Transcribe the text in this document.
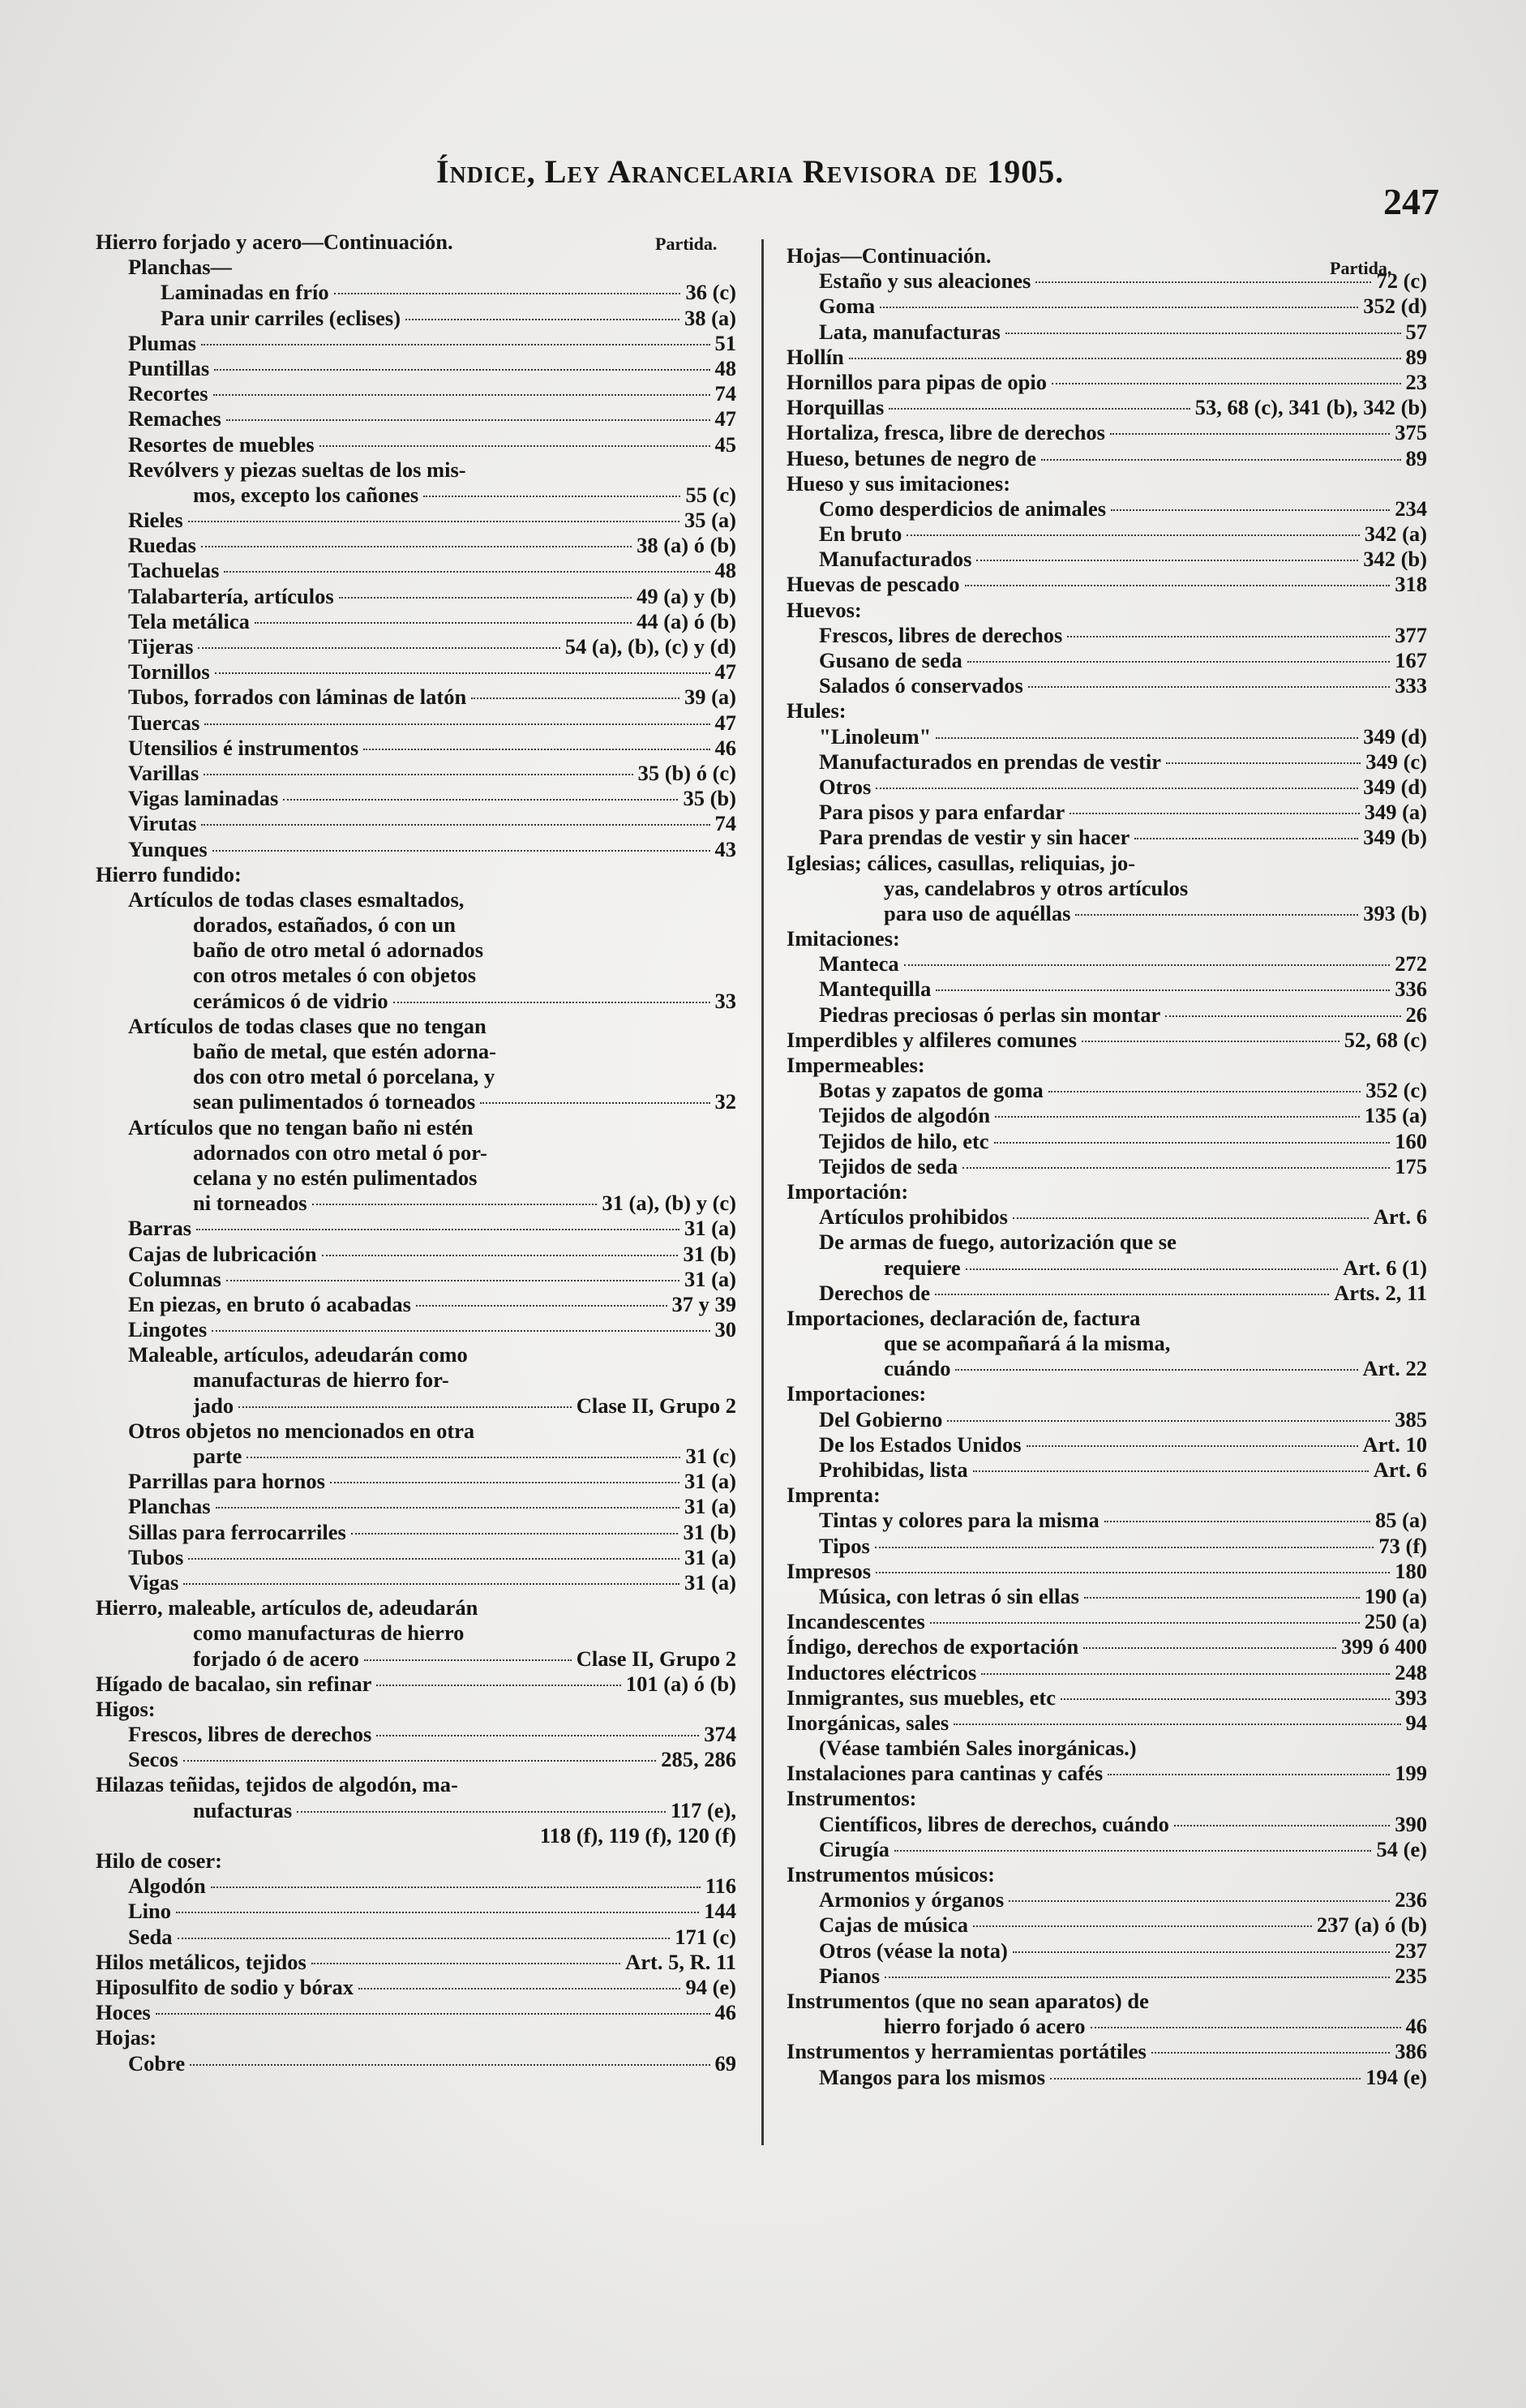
Índice, Ley Arancelaria Revisora de 1905.
247
Partida.
Partida.
Hierro forjado y acero—Continuación.
Planchas—
Laminadas en frío	36 (c)
Para unir carriles (eclises)	38 (a)
Plumas	51
Puntillas	48
Recortes	74
Remaches	47
Resortes de muebles	45
Revólvers y piezas sueltas de los mis-
mos, excepto los cañones	55 (c)
Rieles	35 (a)
Ruedas	38 (a) ó (b)
Tachuelas	48
Talabartería, artículos	49 (a) y (b)
Tela metálica	44 (a) ó (b)
Tijeras	54 (a), (b), (c) y (d)
Tornillos	47
Tubos, forrados con láminas de latón	39 (a)
Tuercas	47
Utensilios é instrumentos	46
Varillas	35 (b) ó (c)
Vigas laminadas	35 (b)
Virutas	74
Yunques	43
Hierro fundido:
Artículos de todas clases esmaltados,
dorados, estañados, ó con un
baño de otro metal ó adornados
con otros metales ó con objetos
cerámicos ó de vidrio	33
Artículos de todas clases que no tengan
baño de metal, que estén adorna-
dos con otro metal ó porcelana, y
sean pulimentados ó torneados	32
Artículos que no tengan baño ni estén
adornados con otro metal ó por-
celana y no estén pulimentados
ni torneados	31 (a), (b) y (c)
Barras	31 (a)
Cajas de lubricación	31 (b)
Columnas	31 (a)
En piezas, en bruto ó acabadas	37 y 39
Lingotes	30
Maleable, artículos, adeudarán como
manufacturas de hierro for-
jado	Clase II, Grupo 2
Otros objetos no mencionados en otra
parte	31 (c)
Parrillas para hornos	31 (a)
Planchas	31 (a)
Sillas para ferrocarriles	31 (b)
Tubos	31 (a)
Vigas	31 (a)
Hierro, maleable, artículos de, adeudarán
como manufacturas de hierro
forjado ó de acero	Clase II, Grupo 2
Hígado de bacalao, sin refinar	101 (a) ó (b)
Higos:
Frescos, libres de derechos	374
Secos	285, 286
Hilazas teñidas, tejidos de algodón, ma-
nufacturas	117 (e),
118 (f), 119 (f), 120 (f)
Hilo de coser:
Algodón	116
Lino	144
Seda	171 (c)
Hilos metálicos, tejidos	Art. 5, R. 11
Hiposulfito de sodio y bórax	94 (e)
Hoces	46
Hojas:
Cobre	69
Hojas—Continuación.
Estaño y sus aleaciones	72 (c)
Goma	352 (d)
Lata, manufacturas	57
Hollín	89
Hornillos para pipas de opio	23
Horquillas	53, 68 (c), 341 (b), 342 (b)
Hortaliza, fresca, libre de derechos	375
Hueso, betunes de negro de	89
Hueso y sus imitaciones:
Como desperdicios de animales	234
En bruto	342 (a)
Manufacturados	342 (b)
Huevas de pescado	318
Huevos:
Frescos, libres de derechos	377
Gusano de seda	167
Salados ó conservados	333
Hules:
"Linoleum"	349 (d)
Manufacturados en prendas de vestir	349 (c)
Otros	349 (d)
Para pisos y para enfardar	349 (a)
Para prendas de vestir y sin hacer	349 (b)
Iglesias; cálices, casullas, reliquias, jo-
yas, candelabros y otros artículos
para uso de aquéllas	393 (b)
Imitaciones:
Manteca	272
Mantequilla	336
Piedras preciosas ó perlas sin montar	26
Imperdibles y alfileres comunes	52, 68 (c)
Impermeables:
Botas y zapatos de goma	352 (c)
Tejidos de algodón	135 (a)
Tejidos de hilo, etc	160
Tejidos de seda	175
Importación:
Artículos prohibidos	Art. 6
De armas de fuego, autorización que se
requiere	Art. 6 (1)
Derechos de	Arts. 2, 11
Importaciones, declaración de, factura
que se acompañará á la misma,
cuándo	Art. 22
Importaciones:
Del Gobierno	385
De los Estados Unidos	Art. 10
Prohibidas, lista	Art. 6
Imprenta:
Tintas y colores para la misma	85 (a)
Tipos	73 (f)
Impresos	180
Música, con letras ó sin ellas	190 (a)
Incandescentes	250 (a)
Índigo, derechos de exportación	399 ó 400
Inductores eléctricos	248
Inmigrantes, sus muebles, etc	393
Inorgánicas, sales	94
(Véase también Sales inorgánicas.)
Instalaciones para cantinas y cafés	199
Instrumentos:
Científicos, libres de derechos, cuándo	390
Cirugía	54 (e)
Instrumentos músicos:
Armonios y órganos	236
Cajas de música	237 (a) ó (b)
Otros (véase la nota)	237
Pianos	235
Instrumentos (que no sean aparatos) de
hierro forjado ó acero	46
Instrumentos y herramientas portátiles	386
Mangos para los mismos	194 (e)
